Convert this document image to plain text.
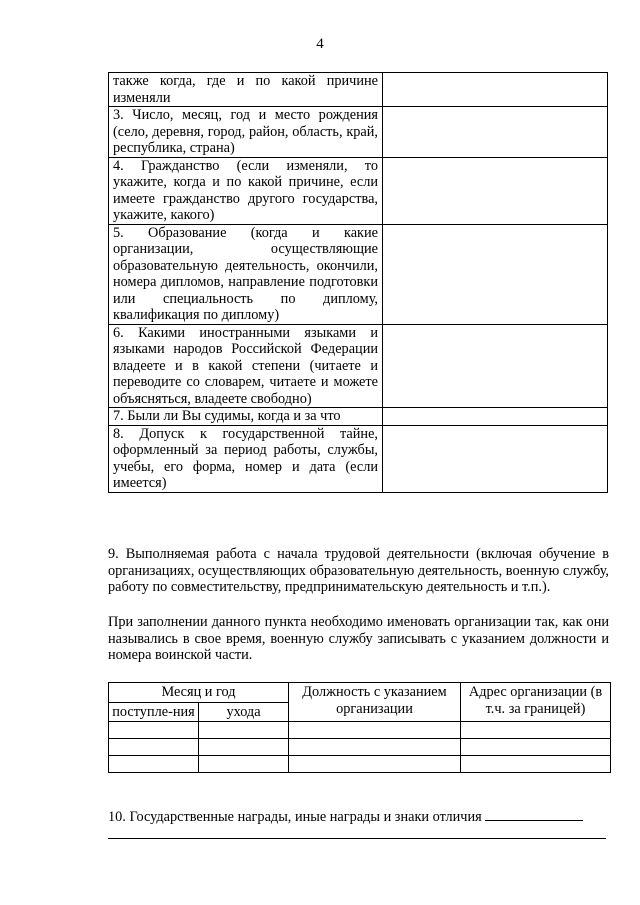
4
также когда, где и по какой причине изменяли	
3. Число, месяц, год и место рождения (село, деревня, город, район, область, край, республика, страна)	
4. Гражданство (если изменяли, то укажите, когда и по какой причине, если имеете гражданство другого государства, укажите, какого)	
5. Образование (когда и какие организации, осуществляющие образовательную деятельность, окончили, номера дипломов, направление подготовки или специальность по диплому, квалификация по диплому)	
6. Какими иностранными языками и языками народов Российской Федерации владеете и в какой степени (читаете и переводите со словарем, читаете и можете объясняться, владеете свободно)	
7. Были ли Вы судимы, когда и за что	
8. Допуск к государственной тайне, оформленный за период работы, службы, учебы, его форма, номер и дата (если имеется)	
9. Выполняемая работа с начала трудовой деятельности (включая обучение в организациях, осуществляющих образовательную деятельность, военную службу, работу по совместительству, предпринимательскую деятельность и т.п.).
При заполнении данного пункта необходимо именовать организации так, как они назывались в свое время, военную службу записывать с указанием должности и номера воинской части.
Месяц и год		Должность с указанием организации	Адрес организации (в т.ч. за границей)
поступле-ния	ухода		

10. Государственные награды, иные награды и знаки отличия
